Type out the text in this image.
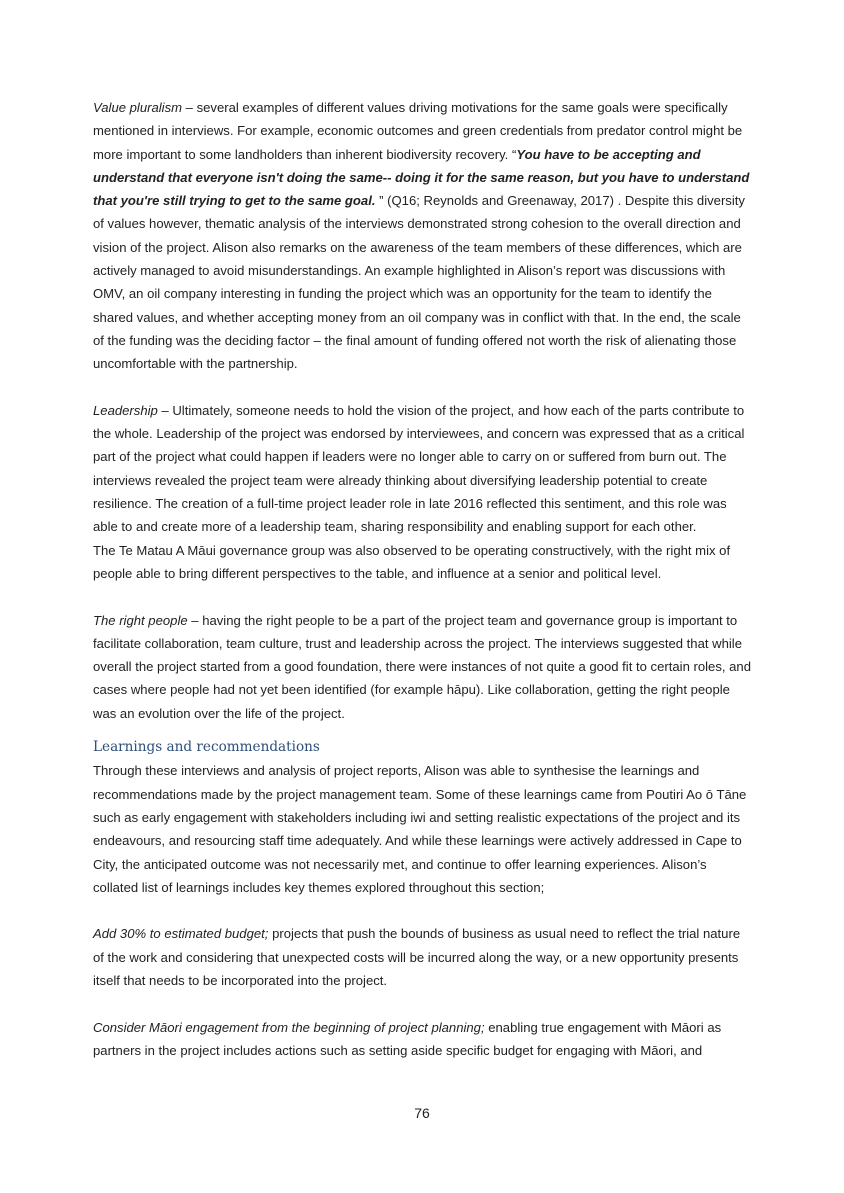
Value pluralism – several examples of different values driving motivations for the same goals were specifically mentioned in interviews. For example, economic outcomes and green credentials from predator control might be more important to some landholders than inherent biodiversity recovery. “You have to be accepting and understand that everyone isn't doing the same-- doing it for the same reason, but you have to understand that you're still trying to get to the same goal. ” (Q16; Reynolds and Greenaway, 2017) . Despite this diversity of values however, thematic analysis of the interviews demonstrated strong cohesion to the overall direction and vision of the project. Alison also remarks on the awareness of the team members of these differences, which are actively managed to avoid misunderstandings. An example highlighted in Alison’s report was discussions with OMV, an oil company interesting in funding the project which was an opportunity for the team to identify the shared values, and whether accepting money from an oil company was in conflict with that. In the end, the scale of the funding was the deciding factor – the final amount of funding offered not worth the risk of alienating those uncomfortable with the partnership.

Leadership – Ultimately, someone needs to hold the vision of the project, and how each of the parts contribute to the whole. Leadership of the project was endorsed by interviewees, and concern was expressed that as a critical part of the project what could happen if leaders were no longer able to carry on or suffered from burn out. The interviews revealed the project team were already thinking about diversifying leadership potential to create resilience. The creation of a full-time project leader role in late 2016 reflected this sentiment, and this role was able to and create more of a leadership team, sharing responsibility and enabling support for each other.

The Te Matau A Māui governance group was also observed to be operating constructively, with the right mix of people able to bring different perspectives to the table, and influence at a senior and political level.

The right people – having the right people to be a part of the project team and governance group is important to facilitate collaboration, team culture, trust and leadership across the project. The interviews suggested that while overall the project started from a good foundation, there were instances of not quite a good fit to certain roles, and cases where people had not yet been identified (for example hāpu). Like collaboration, getting the right people was an evolution over the life of the project.

Learnings and recommendations

Through these interviews and analysis of project reports, Alison was able to synthesise the learnings and recommendations made by the project management team. Some of these learnings came from Poutiri Ao ō Tāne such as early engagement with stakeholders including iwi and setting realistic expectations of the project and its endeavours, and resourcing staff time adequately. And while these learnings were actively addressed in Cape to City, the anticipated outcome was not necessarily met, and continue to offer learning experiences. Alison’s collated list of learnings includes key themes explored throughout this section;

Add 30% to estimated budget; projects that push the bounds of business as usual need to reflect the trial nature of the work and considering that unexpected costs will be incurred along the way, or a new opportunity presents itself that needs to be incorporated into the project.

Consider Māori engagement from the beginning of project planning; enabling true engagement with Māori as partners in the project includes actions such as setting aside specific budget for engaging with Māori, and

76
